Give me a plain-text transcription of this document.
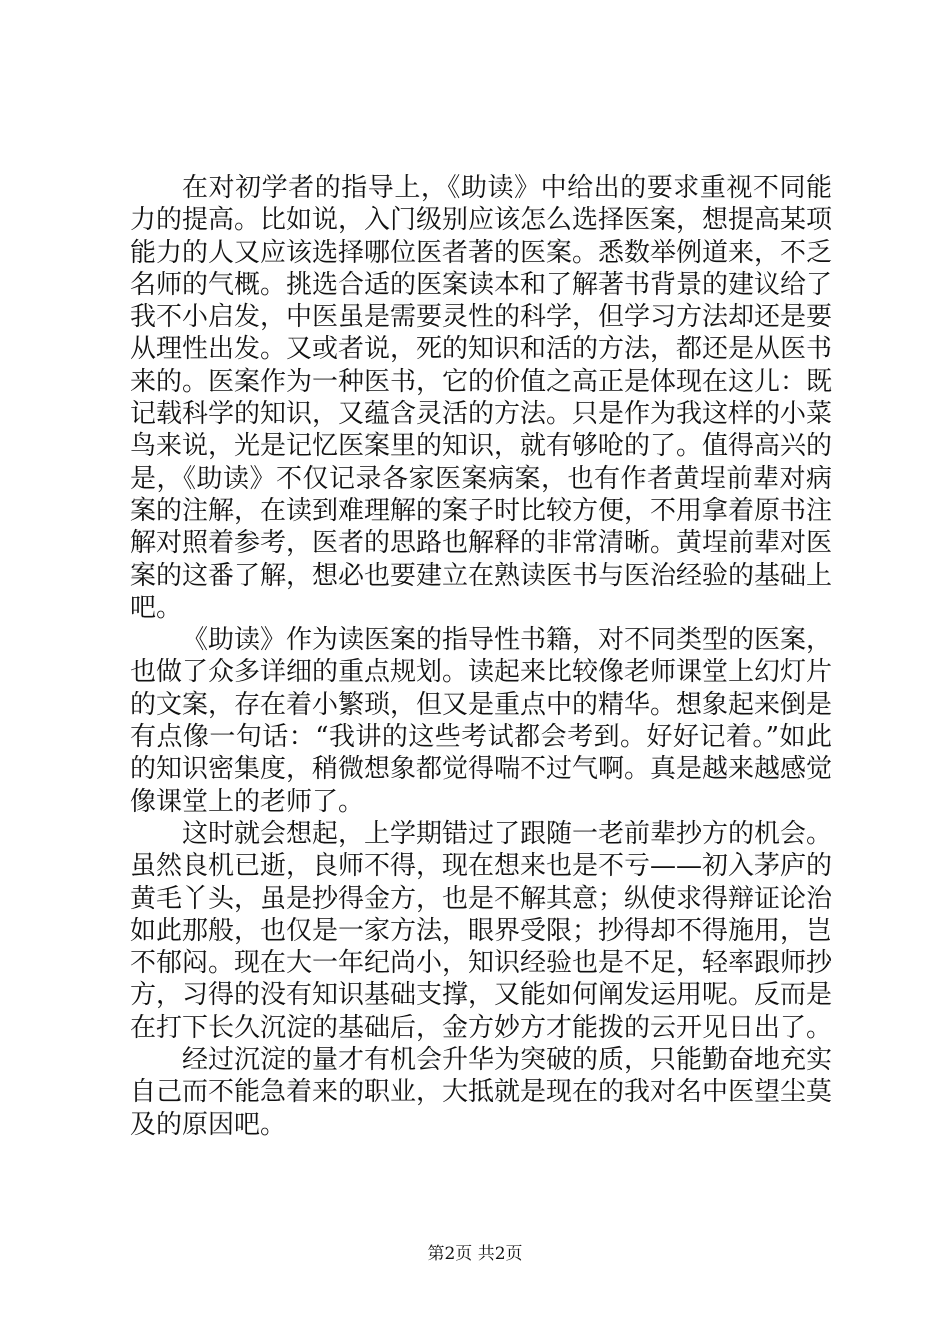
在对初学者的指导上，《助读》中给出的要求重视不同能力的提高。比如说，入门级别应该怎么选择医案，想提高某项能力的人又应该选择哪位医者著的医案。悉数举例道来，不乏名师的气概。挑选合适的医案读本和了解著书背景的建议给了我不小启发，中医虽是需要灵性的科学，但学习方法却还是要从理性出发。又或者说，死的知识和活的方法，都还是从医书来的。医案作为一种医书，它的价值之高正是体现在这儿：既记载科学的知识，又蕴含灵活的方法。只是作为我这样的小菜鸟来说，光是记忆医案里的知识，就有够呛的了。值得高兴的是，《助读》不仅记录各家医案病案，也有作者黄埕前辈对病案的注解，在读到难理解的案子时比较方便，不用拿着原书注解对照着参考，医者的思路也解释的非常清晰。黄埕前辈对医案的这番了解，想必也要建立在熟读医书与医治经验的基础上吧。

《助读》作为读医案的指导性书籍，对不同类型的医案，也做了众多详细的重点规划。读起来比较像老师课堂上幻灯片的文案，存在着小繁琐，但又是重点中的精华。想象起来倒是有点像一句话：“我讲的这些考试都会考到。好好记着。”如此的知识密集度，稍微想象都觉得喘不过气啊。真是越来越感觉像课堂上的老师了。

这时就会想起，上学期错过了跟随一老前辈抄方的机会。虽然良机已逝，良师不得，现在想来也是不亏——初入茅庐的黄毛丫头，虽是抄得金方，也是不解其意；纵使求得辩证论治如此那般，也仅是一家方法，眼界受限；抄得却不得施用，岂不郁闷。现在大一年纪尚小，知识经验也是不足，轻率跟师抄方，习得的没有知识基础支撑，又能如何阐发运用呢。反而是在打下长久沉淀的基础后，金方妙方才能拨的云开见日出了。

经过沉淀的量才有机会升华为突破的质，只能勤奋地充实自己而不能急着来的职业，大抵就是现在的我对名中医望尘莫及的原因吧。

第2页 共2页
